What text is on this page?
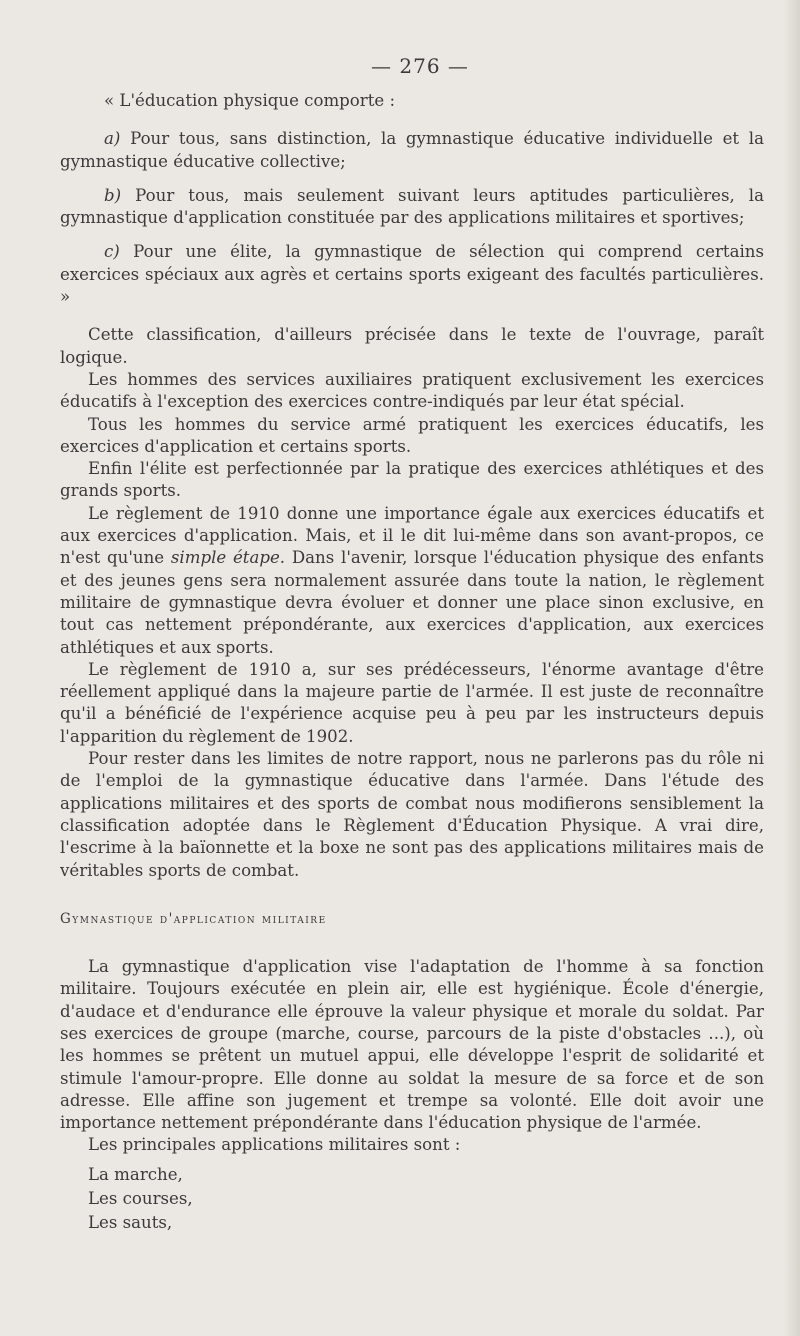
— 276 —

« L'éducation physique comporte :

a) Pour tous, sans distinction, la gymnastique éducative individuelle et la gymnastique éducative collective;

b) Pour tous, mais seulement suivant leurs aptitudes particulières, la gymnastique d'application constituée par des applications militaires et sportives;

c) Pour une élite, la gymnastique de sélection qui comprend certains exercices spéciaux aux agrès et certains sports exigeant des facultés particulières. »

Cette classification, d'ailleurs précisée dans le texte de l'ouvrage, paraît logique.

Les hommes des services auxiliaires pratiquent exclusivement les exercices éducatifs à l'exception des exercices contre-indiqués par leur état spécial.

Tous les hommes du service armé pratiquent les exercices éducatifs, les exercices d'application et certains sports.

Enfin l'élite est perfectionnée par la pratique des exercices athlétiques et des grands sports.

Le règlement de 1910 donne une importance égale aux exercices éducatifs et aux exercices d'application. Mais, et il le dit lui-même dans son avant-propos, ce n'est qu'une simple étape. Dans l'avenir, lorsque l'éducation physique des enfants et des jeunes gens sera normalement assurée dans toute la nation, le règlement militaire de gymnastique devra évoluer et donner une place sinon exclusive, en tout cas nettement prépondérante, aux exercices d'application, aux exercices athlétiques et aux sports.

Le règlement de 1910 a, sur ses prédécesseurs, l'énorme avantage d'être réellement appliqué dans la majeure partie de l'armée. Il est juste de reconnaître qu'il a bénéficié de l'expérience acquise peu à peu par les instructeurs depuis l'apparition du règlement de 1902.

Pour rester dans les limites de notre rapport, nous ne parlerons pas du rôle ni de l'emploi de la gymnastique éducative dans l'armée. Dans l'étude des applications militaires et des sports de combat nous modifierons sensiblement la classification adoptée dans le Règlement d'Éducation Physique. A vrai dire, l'escrime à la baïonnette et la boxe ne sont pas des applications militaires mais de véritables sports de combat.

Gymnastique d'application militaire

La gymnastique d'application vise l'adaptation de l'homme à sa fonction militaire. Toujours exécutée en plein air, elle est hygiénique. École d'énergie, d'audace et d'endurance elle éprouve la valeur physique et morale du soldat. Par ses exercices de groupe (marche, course, parcours de la piste d'obstacles ...), où les hommes se prêtent un mutuel appui, elle développe l'esprit de solidarité et stimule l'amour-propre. Elle donne au soldat la mesure de sa force et de son adresse. Elle affine son jugement et trempe sa volonté. Elle doit avoir une importance nettement prépondérante dans l'éducation physique de l'armée.

Les principales applications militaires sont :

La marche,
Les courses,
Les sauts,
